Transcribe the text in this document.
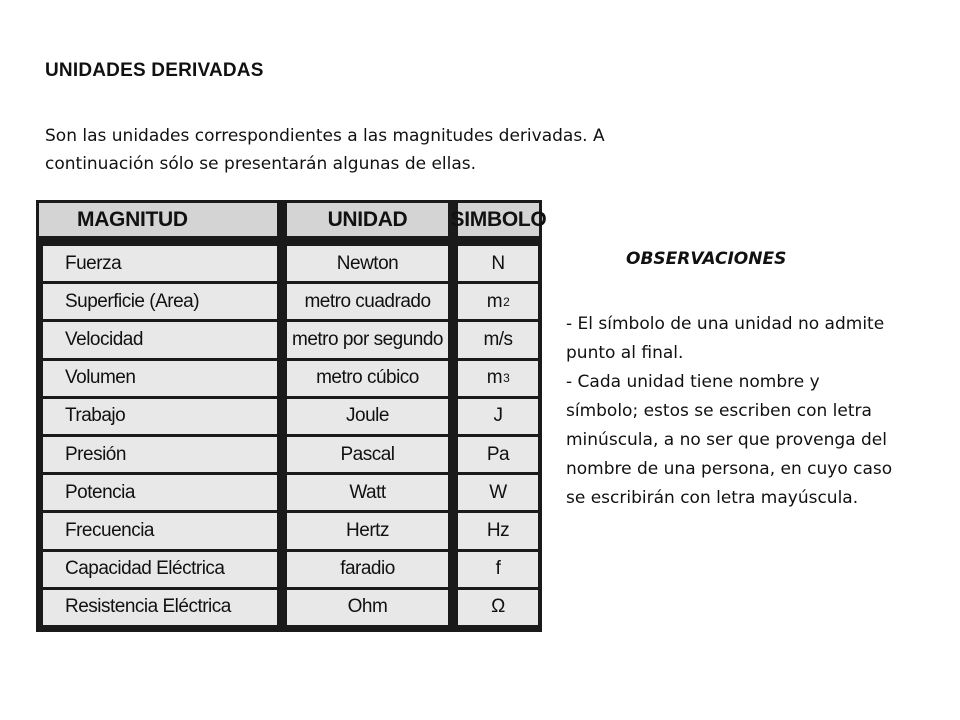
UNIDADES DERIVADAS
Son las unidades correspondientes a las magnitudes derivadas. A continuación sólo se presentarán algunas de ellas.
MAGNITUD
Fuerza
Superficie (Area)
Velocidad
Volumen
Trabajo
Presión
Potencia
Frecuencia
Capacidad Eléctrica
Resistencia Eléctrica
UNIDAD
Newton
metro cuadrado
metro por segundo
metro cúbico
Joule
Pascal
Watt
Hertz
faradio
Ohm
SIMBOLO
N
m 2
m/s
m 3
J
Pa
W
Hz
f
Ω
OBSERVACIONES
- El símbolo de una unidad no admite punto al final.
- Cada unidad tiene nombre y símbolo; estos se escriben con letra minúscula, a no ser que provenga del nombre de una persona, en cuyo caso se escribirán con letra mayúscula.
